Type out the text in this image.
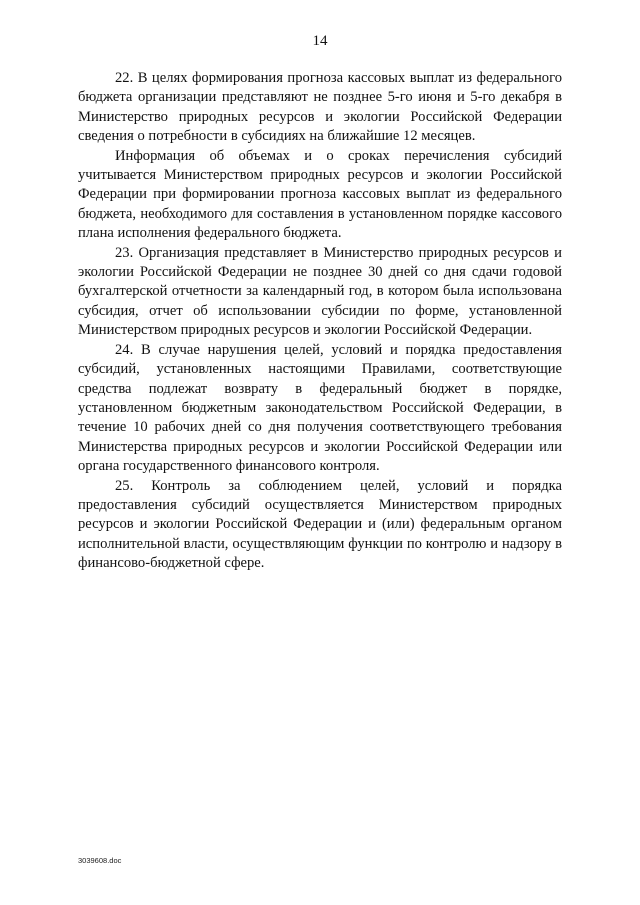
14

22. В целях формирования прогноза кассовых выплат из федерального бюджета организации представляют не позднее 5-го июня и 5-го декабря в Министерство природных ресурсов и экологии Российской Федерации сведения о потребности в субсидиях на ближайшие 12 месяцев.

Информация об объемах и о сроках перечисления субсидий учитывается Министерством природных ресурсов и экологии Российской Федерации при формировании прогноза кассовых выплат из федерального бюджета, необходимого для составления в установленном порядке кассового плана исполнения федерального бюджета.

23. Организация представляет в Министерство природных ресурсов и экологии Российской Федерации не позднее 30 дней со дня сдачи годовой бухгалтерской отчетности за календарный год, в котором была использована субсидия, отчет об использовании субсидии по форме, установленной Министерством природных ресурсов и экологии Российской Федерации.

24. В случае нарушения целей, условий и порядка предоставления субсидий, установленных настоящими Правилами, соответствующие средства подлежат возврату в федеральный бюджет в порядке, установленном бюджетным законодательством Российской Федерации, в течение 10 рабочих дней со дня получения соответствующего требования Министерства природных ресурсов и экологии Российской Федерации или органа государственного финансового контроля.

25. Контроль за соблюдением целей, условий и порядка предоставления субсидий осуществляется Министерством природных ресурсов и экологии Российской Федерации и (или) федеральным органом исполнительной власти, осуществляющим функции по контролю и надзору в финансово-бюджетной сфере.

3039608.doc
